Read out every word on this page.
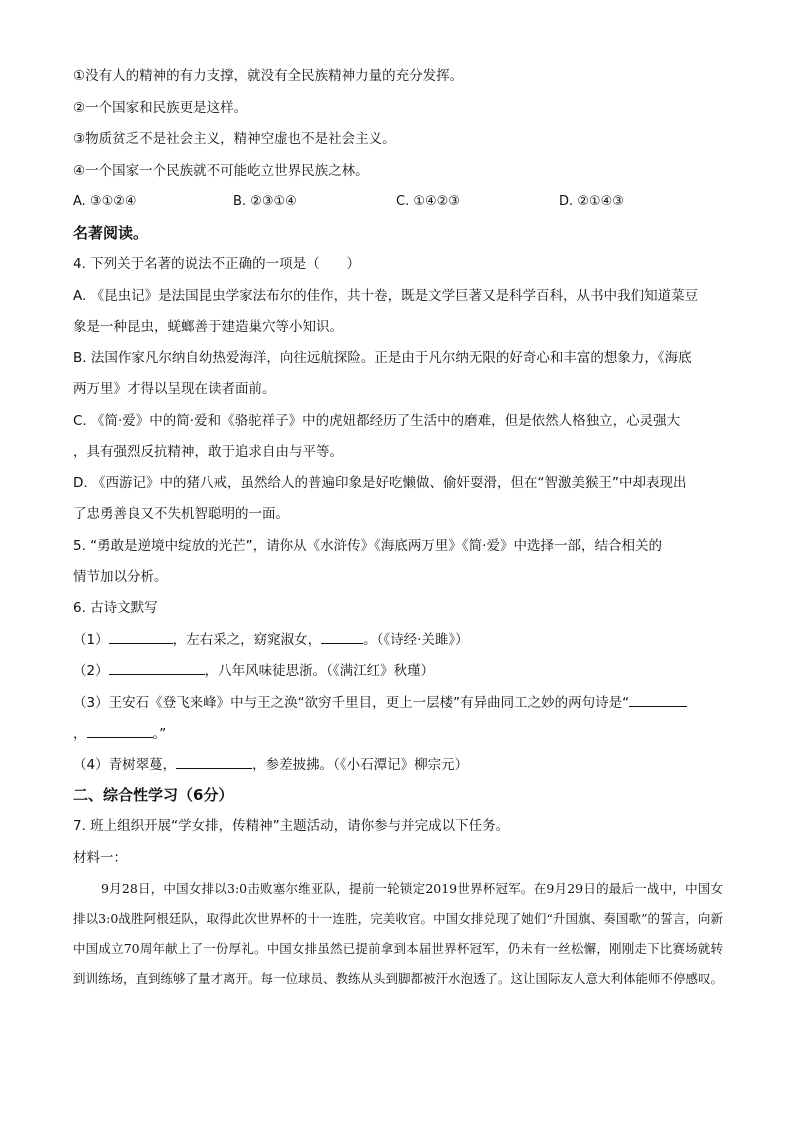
①没有人的精神的有力支撑，就没有全民族精神力量的充分发挥。
②一个国家和民族更是这样。
③物质贫乏不是社会主义，精神空虚也不是社会主义。
④一个国家一个民族就不可能屹立世界民族之林。
A. ③①②④	B. ②③①④	C. ①④②③	D. ②①④③
名著阅读。
4. 下列关于名著的说法不正确的一项是（　　）
A. 《昆虫记》是法国昆虫学家法布尔的佳作，共十卷，既是文学巨著又是科学百科，从书中我们知道菜豆
象是一种昆虫，蜣螂善于建造巢穴等小知识。
B. 法国作家凡尔纳自幼热爱海洋，向往远航探险。正是由于凡尔纳无限的好奇心和丰富的想象力，《海底
两万里》才得以呈现在读者面前。
C. 《简·爱》中的简·爱和《骆驼祥子》中的虎妞都经历了生活中的磨难，但是依然人格独立，心灵强大
，具有强烈反抗精神，敢于追求自由与平等。
D. 《西游记》中的猪八戒，虽然给人的普遍印象是好吃懒做、偷奸耍滑，但在“智激美猴王”中却表现出
了忠勇善良又不失机智聪明的一面。
5. “勇敢是逆境中绽放的光芒”，请你从《水浒传》《海底两万里》《简·爱》中选择一部，结合相关的
情节加以分析。
6. 古诗文默写
（1）	，左右采之，窈窕淑女，	。（《诗经·关雎》）
（2）	，八年风味徒思浙。（《满江红》秋瑾）
（3）王安石《登飞来峰》中与王之涣“欲穷千里目，更上一层楼”有异曲同工之妙的两句诗是“
，	。”
（4）青树翠蔓，	，参差披拂。（《小石潭记》柳宗元）
二、综合性学习（6分）
7. 班上组织开展“学女排，传精神”主题活动，请你参与并完成以下任务。
材料一：
9月28日，中国女排以3:0击败塞尔维亚队，提前一轮锁定2019世界杯冠军。在9月29日的最后一战中，中国女排以3:0战胜阿根廷队，取得此次世界杯的十一连胜，完美收官。中国女排兑现了她们“升国旗、奏国歌”的誓言，向新中国成立70周年献上了一份厚礼。中国女排虽然已提前拿到本届世界杯冠军，仍未有一丝松懈，刚刚走下比赛场就转到训练场，直到练够了量才离开。每一位球员、教练从头到脚都被汗水泡透了。这让国际友人意大利体能师不停感叹。
